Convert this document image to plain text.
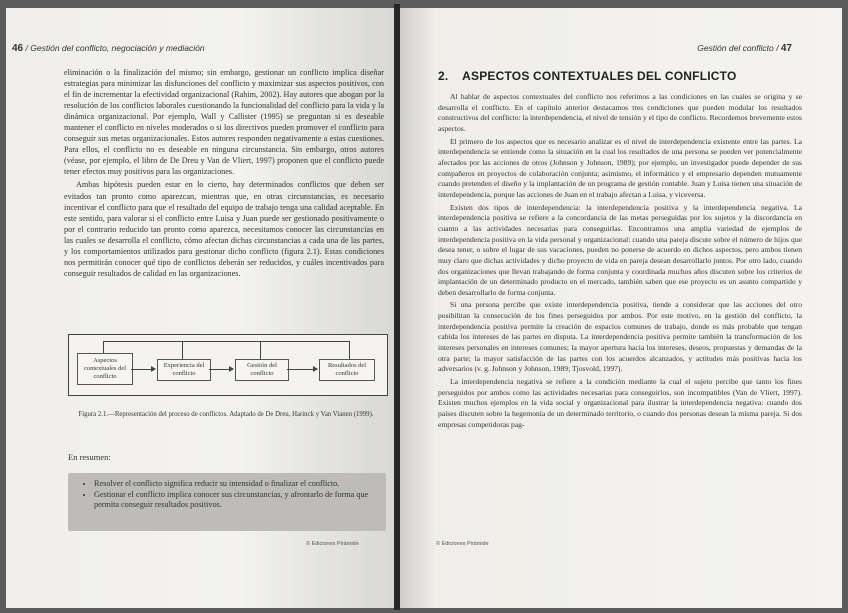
46 / Gestión del conflicto, negociación y mediación

eliminación o la finalización del mismo; sin embargo, gestionar un conflicto implica diseñar estrategias para minimizar las disfunciones del conflicto y maximizar sus aspectos positivos, con el fin de incrementar la efectividad organizacional (Rahim, 2002). Hay autores que abogan por la resolución de los conflictos laborales cuestionando la funcionalidad del conflicto para la vida y la dinámica organizacional. Por ejemplo, Wall y Callister (1995) se preguntan si es deseable mantener el conflicto en niveles moderados o si los directivos pueden promover el conflicto para conseguir sus metas organizacionales. Estos autores responden negativamente a estas cuestiones. Para ellos, el conflicto no es deseable en ninguna circunstancia. Sin embargo, otros autores (véase, por ejemplo, el libro de De Dreu y Van de Vliert, 1997) proponen que el conflicto puede tener efectos muy positivos para las organizaciones.

Ambas hipótesis pueden estar en lo cierto, hay determinados conflictos que deben ser evitados tan pronto como aparezcan, mientras que, en otras circunstancias, es necesario incentivar el conflicto para que el resultado del equipo de trabajo tenga una calidad aceptable. En este sentido, para valorar si el conflicto entre Luisa y Juan puede ser gestionado positivamente o por el contrario reducido tan pronto como aparezca, necesitamos conocer las circunstancias en las cuales se desarrolla el conflicto, cómo afectan dichas circunstancias a cada una de las partes, y los comportamientos utilizados para gestionar dicho conflicto (figura 2.1). Estas condiciones nos permitirán conocer qué tipo de conflictos deberán ser reducidos, y cuáles incentivados para conseguir resultados de calidad en las organizaciones.

Aspectos contextuales del conflicto
Experiencia del conflicto
Gestión del conflicto
Resultados del conflicto
Figura 2.1.—Representación del proceso de conflictos. Adaptado de De Dreu, Harinck y Van Vianen (1999).
En resumen:
• Resolver el conflicto significa reducir su intensidad o finalizar el conflicto.
• Gestionar el conflicto implica conocer sus circunstancias, y afrontarlo de forma que permita conseguir resultados positivos.
© Ediciones Pirámide
Gestión del conflicto / 47
2. ASPECTOS CONTEXTUALES DEL CONFLICTO

Al hablar de aspectos contextuales del conflicto nos referimos a las condiciones en las cuales se origina y se desarrolla el conflicto. En el capítulo anterior destacamos tres condiciones que pueden modular los resultados constructivos del conflicto: la interdependencia, el nivel de tensión y el tipo de conflicto. Recordemos brevemente estos aspectos.

El primero de los aspectos que es necesario analizar es el nivel de interdependencia existente entre las partes. La interdependencia se entiende como la situación en la cual los resultados de una persona se pueden ver potencialmente afectados por las acciones de otros (Johnson y Johnson, 1989); por ejemplo, un investigador puede depender de sus compañeros en proyectos de colaboración conjunta; asimismo, el informático y el empresario dependen mutuamente cuando pretenden el diseño y la implantación de un programa de gestión contable. Juan y Luisa tienen una situación de interdependencia, porque las acciones de Juan en el trabajo afectan a Luisa, y viceversa.

Existen dos tipos de interdependencia: la interdependencia positiva y la interdependencia negativa. La interdependencia positiva se refiere a la concordancia de las metas perseguidas por los sujetos y la discordancia en cuanto a las actividades necesarias para conseguirlas. Encontramos una amplia variedad de ejemplos de interdependencia positiva en la vida personal y organizacional: cuando una pareja discute sobre el número de hijos que desea tener, o sobre el lugar de sus vacaciones, pueden no ponerse de acuerdo en dichos aspectos, pero ambos tienen muy claro que dichas actividades y dicho proyecto de vida en pareja desean desarrollarlo juntos. Por otro lado, cuando dos organizaciones que llevan trabajando de forma conjunta y coordinada muchos años discuten sobre los criterios de implantación de un determinado producto en el mercado, también saben que ese proyecto es un asunto compartido y deben desarrollarlo de forma conjunta.

Si una persona percibe que existe interdependencia positiva, tiende a considerar que las acciones del otro posibilitan la consecución de los fines perseguidos por ambos. Por este motivo, en la gestión del conflicto, la interdependencia positiva permite la creación de espacios comunes de trabajo, donde es más probable que tengan cabida los intereses de las partes en disputa. La interdependencia positiva permite también la transformación de los intereses personales en intereses comunes; la mayor apertura hacia los intereses, deseos, propuestas y demandas de la otra parte; la mayor satisfacción de las partes con los acuerdos alcanzados, y actitudes más positivas hacia los adversarios (v. g. Johnson y Johnson, 1989; Tjosvold, 1997).

La interdependencia negativa se refiere a la condición mediante la cual el sujeto percibe que tanto los fines perseguidos por ambos como las actividades necesarias para conseguirlos, son incompatibles (Van de Vliert, 1997). Existen muchos ejemplos en la vida social y organizacional para ilustrar la interdependencia negativa: cuando dos países discuten sobre la hegemonía de un determinado territorio, o cuando dos personas desean la misma pareja. Si dos empresas competidoras pag-

© Ediciones Pirámide
